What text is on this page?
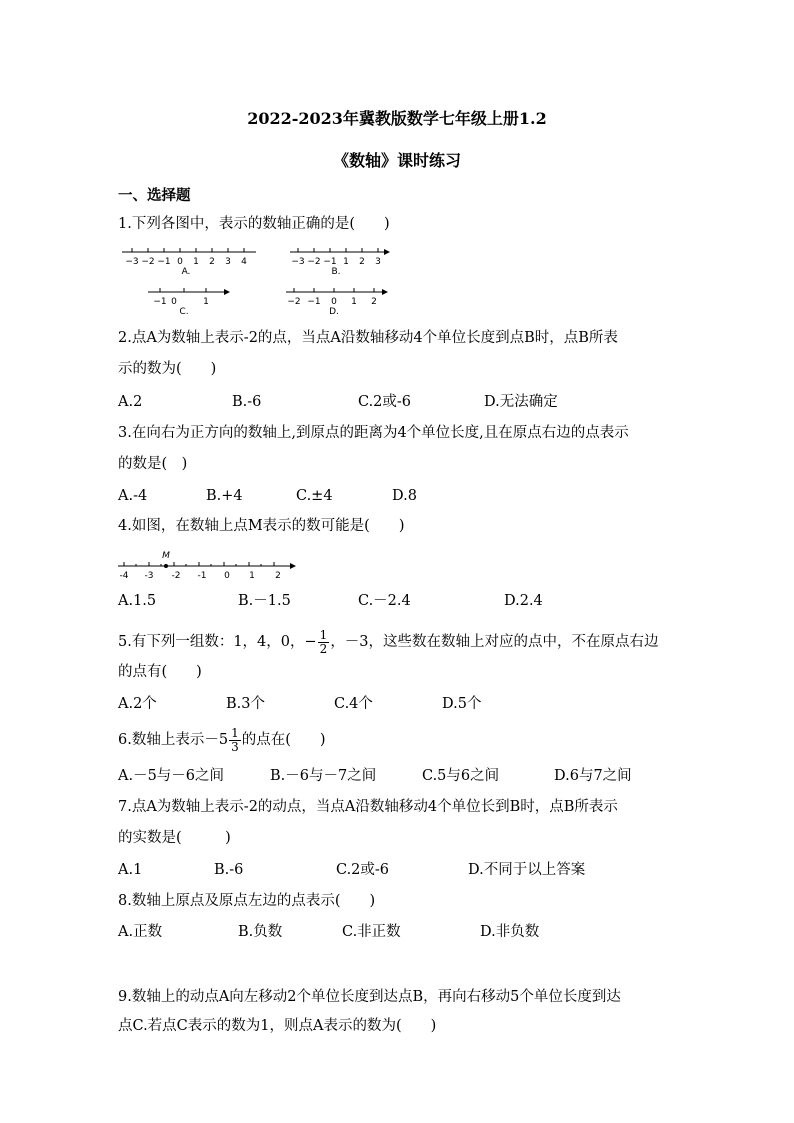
2022-2023年冀教版数学七年级上册1.2
《数轴》课时练习
一、选择题
1.下列各图中，表示的数轴正确的是(　　)
−3 −2 −1 0 1 2 3 4
A.
−3 −2 −1 1 2 3
B.
−1 0	1
C.
−2 −1 0 1 2
D.
2.点A为数轴上表示-2的点，当点A沿数轴移动4个单位长度到点B时，点B所表
示的数为(　　)
A.2	B.-6	C.2或-6	D.无法确定
3.在向右为正方向的数轴上,到原点的距离为4个单位长度,且在原点右边的点表示
的数是(　)
A.-4	B.+4	C.±4	D.8
4.如图，在数轴上点M表示的数可能是(　　)
M
-4 -3 -2 -1 0 1 2
A.1.5	B.－1.5	C.－2.4	D.2.4
5.有下列一组数：1，4，0，− $\frac{1}{2}$ ，－3，这些数在数轴上对应的点中，不在原点右边
的点有(　　)
A.2个	B.3个	C.4个	D.5个
6.数轴上表示$-5 \frac{1}{3}$ 的点在(　　)
A.－5与－6之间	B.－6与－7之间	C.5与6之间	D.6与7之间
7.点A为数轴上表示-2的动点，当点A沿数轴移动4个单位长到B时，点B所表示
的实数是(　　　)
A.1	B.-6	C.2或-6	D.不同于以上答案
8.数轴上原点及原点左边的点表示(　　)
A.正数	B.负数	C.非正数	D.非负数
9.数轴上的动点A向左移动2个单位长度到达点B，再向右移动5个单位长度到达
点C.若点C表示的数为1，则点A表示的数为(　　)
